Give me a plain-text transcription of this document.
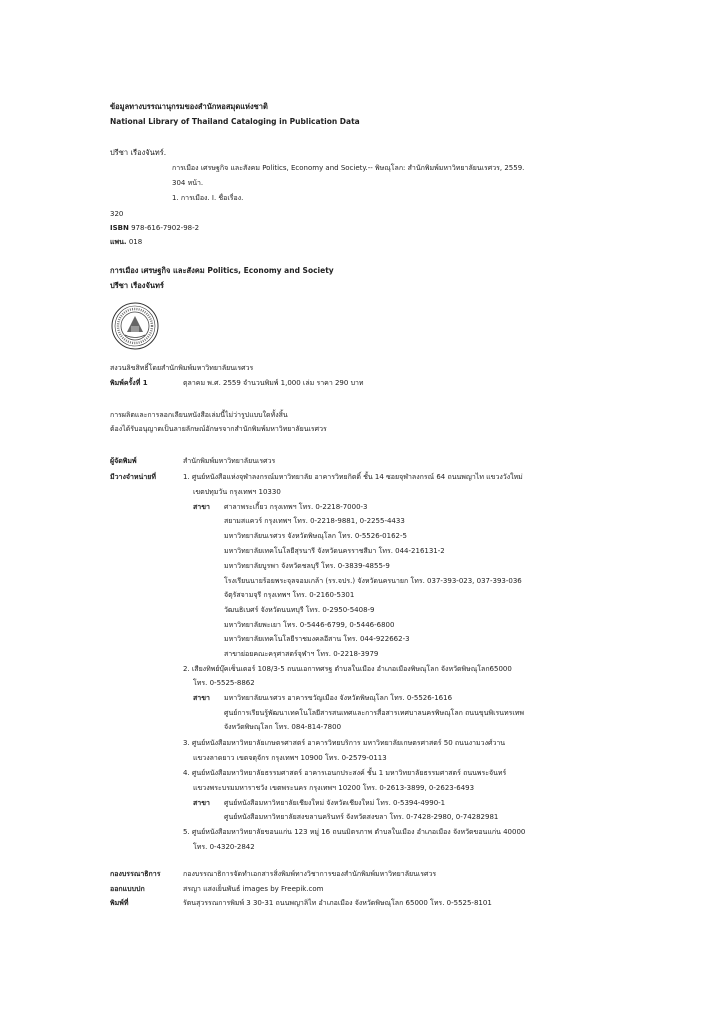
ข้อมูลทางบรรณานุกรมของสำนักหอสมุดแห่งชาติ
National Library of Thailand Cataloging in Publication Data
ปรีชา เรืองจันทร์.
การเมือง เศรษฐกิจ และสังคม Politics, Economy and Society.-- พิษณุโลก: สำนักพิมพ์มหาวิทยาลัยนเรศวร, 2559.
304 หน้า.
1. การเมือง. I. ชื่อเรื่อง.
320
ISBN 978-616-7902-98-2
แพน. 018
การเมือง เศรษฐกิจ และสังคม Politics, Economy and Society
ปรีชา เรืองจันทร์
สงวนลิขสิทธิ์โดยสำนักพิมพ์มหาวิทยาลัยนเรศวร
พิมพ์ครั้งที่ 1	ตุลาคม พ.ศ. 2559 จำนวนพิมพ์ 1,000 เล่ม ราคา 290 บาท
การผลิตและการลอกเลียนหนังสือเล่มนี้ไม่ว่ารูปแบบใดทั้งสิ้น
ต้องได้รับอนุญาตเป็นลายลักษณ์อักษรจากสำนักพิมพ์มหาวิทยาลัยนเรศวร
ผู้จัดพิมพ์	สำนักพิมพ์มหาวิทยาลัยนเรศวร
มีวางจำหน่ายที่	1. ศูนย์หนังสือแห่งจุฬาลงกรณ์มหาวิทยาลัย อาคารวิทยกิตติ์ ชั้น 14 ซอยจุฬาลงกรณ์ 64 ถนนพญาไท แขวงวังใหม่
เขตปทุมวัน กรุงเทพฯ 10330
สาขา ศาลาพระเกี้ยว กรุงเทพฯ โทร. 0-2218-7000-3
สยามสแควร์ กรุงเทพฯ โทร. 0-2218-9881, 0-2255-4433
มหาวิทยาลัยนเรศวร จังหวัดพิษณุโลก โทร. 0-5526-0162-5
มหาวิทยาลัยเทคโนโลยีสุรนารี จังหวัดนครราชสีมา โทร. 044-216131-2
มหาวิทยาลัยบูรพา จังหวัดชลบุรี โทร. 0-3839-4855-9
โรงเรียนนายร้อยพระจุลจอมเกล้า (รร.จปร.) จังหวัดนครนายก โทร. 037-393-023, 037-393-036
จัตุรัสจามจุรี กรุงเทพฯ โทร. 0-2160-5301
วัฒนธิเบศร์ จังหวัดนนทบุรี โทร. 0-2950-5408-9
มหาวิทยาลัยพะเยา โทร. 0-5446-6799, 0-5446-6800
มหาวิทยาลัยเทคโนโลยีราชมงคลอีสาน โทร. 044-922662-3
สาขาย่อยคณะครุศาสตร์จุฬาฯ โทร. 0-2218-3979
2. เสียงทิพย์บุ๊คเซ็นเตอร์ 108/3-5 ถนนเอกาทศรฐ ตำบลในเมือง อำเภอเมืองพิษณุโลก จังหวัดพิษณุโลก65000
โทร. 0-5525-8862
สาขา มหาวิทยาลัยนเรศวร อาคารขวัญเมือง จังหวัดพิษณุโลก โทร. 0-5526-1616
ศูนย์การเรียนรู้พัฒนาเทคโนโลยีสารสนเทศและการสื่อสารเทศบาลนครพิษณุโลก ถนนขุนพิเรนทรเทพ
จังหวัดพิษณุโลก โทร. 084-814-7800
3. ศูนย์หนังสือมหาวิทยาลัยเกษตรศาสตร์ อาคารวิทยบริการ มหาวิทยาลัยเกษตรศาสตร์ 50 ถนนงามวงศ์วาน
แขวงลาดยาว เขตจตุจักร กรุงเทพฯ 10900 โทร. 0-2579-0113
4. ศูนย์หนังสือมหาวิทยาลัยธรรมศาสตร์ อาคารเอนกประสงค์ ชั้น 1 มหาวิทยาลัยธรรมศาสตร์ ถนนพระจันทร์
แขวงพระบรมมหาราชวัง เขตพระนคร กรุงเทพฯ 10200 โทร. 0-2613-3899, 0-2623-6493
สาขา ศูนย์หนังสือมหาวิทยาลัยเชียงใหม่ จังหวัดเชียงใหม่ โทร. 0-5394-4990-1
ศูนย์หนังสือมหาวิทยาลัยสงขลานครินทร์ จังหวัดสงขลา โทร. 0-7428-2980, 0-74282981
5. ศูนย์หนังสือมหาวิทยาลัยขอนแก่น 123 หมู่ 16 ถนนมิตรภาพ ตำบลในเมือง อำเภอเมือง จังหวัดขอนแก่น 40000
โทร. 0-4320-2842
กองบรรณาธิการ	กองบรรณาธิการจัดทำเอกสารสิ่งพิมพ์ทางวิชาการของสำนักพิมพ์มหาวิทยาลัยนเรศวร
ออกแบบปก	สรญา แสงเย็นพันธ์ images by Freepik.com
พิมพ์ที่	รัตนสุวรรณการพิมพ์ 3 30-31 ถนนพญาลิไท อำเภอเมือง จังหวัดพิษณุโลก 65000 โทร. 0-5525-8101
